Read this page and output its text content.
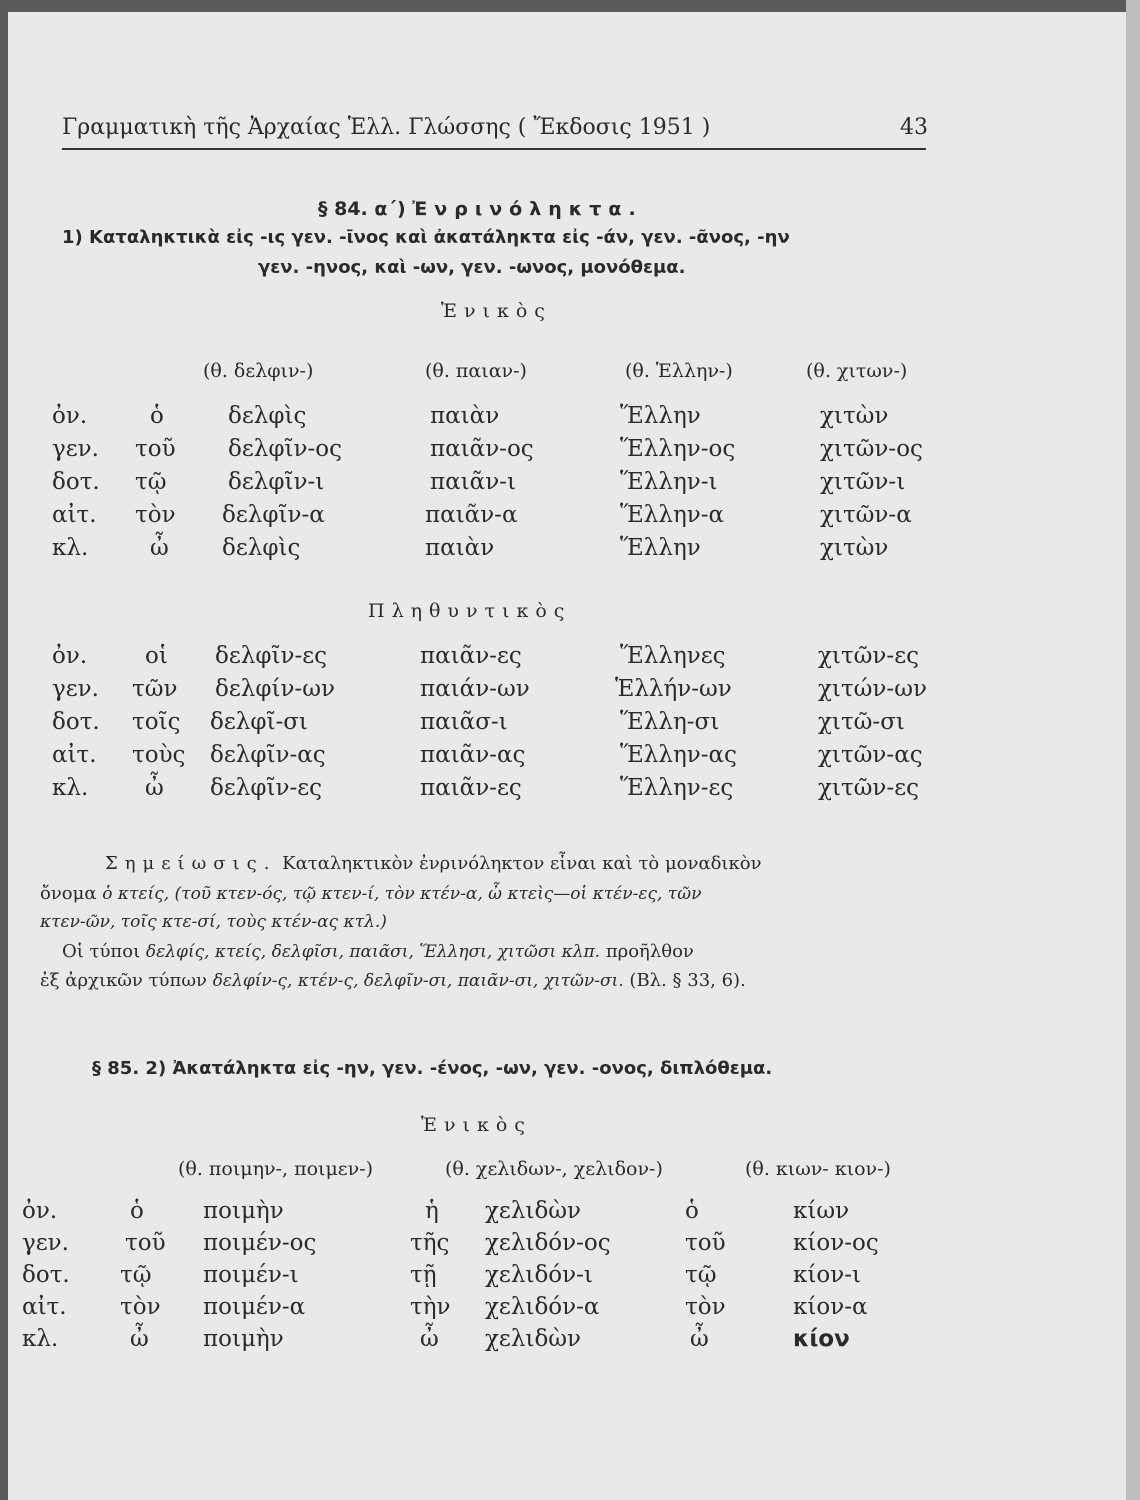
Γραμματικὴ τῆς Ἀρχαίας Ἑλλ. Γλώσσης ( Ἔκδοσις 1951 )	43
§ 84. α´) Ἐνρινόληκτα.
1) Καταληκτικὰ εἰς -ις γεν. -ῑνος καὶ ἀκατάληκτα εἰς -άν, γεν. -ᾶνος, -ην
γεν. -ηνος, καὶ -ων, γεν. -ωνος, μονόθεμα.
Ἑνικὸς
(θ. δελφιν-)	(θ. παιαν-)	(θ. Ἑλλην-)	(θ. χιτων-)
ὀν.	ὁ	δελφὶς	παιὰν	Ἕλλην	χιτὼν
γεν. τοῦ δελφῖν-ος	παιᾶν-ος	Ἕλλην-ος	χιτῶν-ος
δοτ. τῷ	δελφῖν-ι	παιᾶν-ι	Ἕλλην-ι	χιτῶν-ι
αἰτ. τὸν δελφῖν-α	παιᾶν-α	Ἕλλην-α	χιτῶν-α
κλ.	ὦ δελφὶς	παιὰν	Ἕλλην	χιτὼν
Πληθυντικὸς
ὀν.	οἱ δελφῖν-ες	παιᾶν-ες	Ἕλληνες	χιτῶν-ες
γεν. τῶν δελφίν-ων	παιάν-ων	Ἑλλήν-ων	χιτών-ων
δοτ. τοῖς δελφῖ-σι	παιᾶσ-ι	Ἕλλη-σι	χιτῶ-σι
αἰτ. τοὺς δελφῖν-ας	παιᾶν-ας	Ἕλλην-ας	χιτῶν-ας
κλ. ὦ δελφῖν-ες	παιᾶν-ες	Ἕλλην-ες	χιτῶν-ες
Σημείωσις. Καταληκτικὸν ἐνρινόληκτον εἶναι καὶ τὸ μοναδικὸν
ὄνομα ὁ κτείς, (τοῦ κτεν-ός, τῷ κτεν-ί, τὸν κτέν-α, ὦ κτεὶς—οἱ κτέν-ες, τῶν
κτεν-ῶν, τοῖς κτε-σί, τοὺς κτέν-ας κτλ.)
Οἱ τύποι δελφίς, κτείς, δελφῖσι, παιᾶσι, Ἕλλησι, χιτῶσι κλπ. προῆλθον
ἐξ ἀρχικῶν τύπων δελφίν-ς, κτέν-ς, δελφῖν-σι, παιᾶν-σι, χιτῶν-σι. (Βλ. § 33, 6).
§ 85. 2) Ἀκατάληκτα εἰς -ην, γεν. -ένος, -ων, γεν. -ονος, διπλόθεμα.
Ἑνικὸς
(θ. ποιμην-, ποιμεν-)	(θ. χελιδων-, χελιδον-)	(θ. κιων- κιον-)
ὀν.	ὁ	ποιμὴν	ἡ χελιδὼν	ὁ	κίων
γεν. τοῦ ποιμέν-ος	τῆς χελιδόν-ος	τοῦ	κίον-ος
δοτ. τῷ ποιμέν-ι	τῇ χελιδόν-ι	τῷ	κίον-ι
αἰτ. τὸν ποιμέν-α	τὴν χελιδόν-α	τὸν	κίον-α
κλ.	ὦ ποιμὴν	ὦ χελιδὼν	ὦ	κίον
